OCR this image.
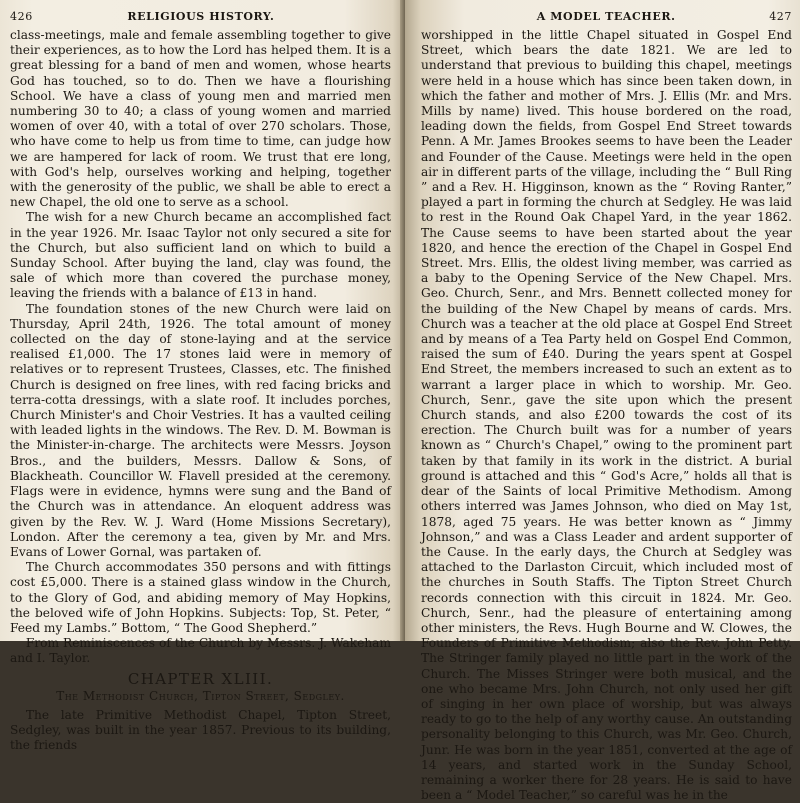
426	RELIGIOUS HISTORY.

class-meetings, male and female assembling together to give their experiences, as to how the Lord has helped them. It is a great blessing for a band of men and women, whose hearts God has touched, so to do. Then we have a flourishing School. We have a class of young men and married men numbering 30 to 40; a class of young women and married women of over 40, with a total of over 270 scholars. Those, who have come to help us from time to time, can judge how we are hampered for lack of room. We trust that ere long, with God's help, ourselves working and helping, together with the generosity of the public, we shall be able to erect a new Chapel, the old one to serve as a school.

The wish for a new Church became an accomplished fact in the year 1926. Mr. Isaac Taylor not only secured a site for the Church, but also sufficient land on which to build a Sunday School. After buying the land, clay was found, the sale of which more than covered the purchase money, leaving the friends with a balance of £13 in hand.

The foundation stones of the new Church were laid on Thursday, April 24th, 1926. The total amount of money collected on the day of stone-laying and at the service realised £1,000. The 17 stones laid were in memory of relatives or to represent Trustees, Classes, etc. The finished Church is designed on free lines, with red facing bricks and terra-cotta dressings, with a slate roof. It includes porches, Church Minister's and Choir Vestries. It has a vaulted ceiling with leaded lights in the windows. The Rev. D. M. Bowman is the Minister-in-charge. The architects were Messrs. Joyson Bros., and the builders, Messrs. Dallow & Sons, of Blackheath. Councillor W. Flavell presided at the ceremony. Flags were in evidence, hymns were sung and the Band of the Church was in attendance. An eloquent address was given by the Rev. W. J. Ward (Home Missions Secretary), London. After the ceremony a tea, given by Mr. and Mrs. Evans of Lower Gornal, was partaken of.

The Church accommodates 350 persons and with fittings cost £5,000. There is a stained glass window in the Church, to the Glory of God, and abiding memory of May Hopkins, the beloved wife of John Hopkins. Subjects: Top, St. Peter, “ Feed my Lambs.” Bottom, “ The Good Shepherd.”

From Reminiscences of the Church by Messrs. J. Wakeham and I. Taylor.

CHAPTER XLIII.
The Methodist Church, Tipton Street, Sedgley.

The late Primitive Methodist Chapel, Tipton Street, Sedgley, was built in the year 1857. Previous to its building, the friends

A MODEL TEACHER.	427

worshipped in the little Chapel situated in Gospel End Street, which bears the date 1821. We are led to understand that previous to building this chapel, meetings were held in a house which has since been taken down, in which the father and mother of Mrs. J. Ellis (Mr. and Mrs. Mills by name) lived. This house bordered on the road, leading down the fields, from Gospel End Street towards Penn. A Mr. James Brookes seems to have been the Leader and Founder of the Cause. Meetings were held in the open air in different parts of the village, including the “ Bull Ring ” and a Rev. H. Higginson, known as the “ Roving Ranter,” played a part in forming the church at Sedgley. He was laid to rest in the Round Oak Chapel Yard, in the year 1862. The Cause seems to have been started about the year 1820, and hence the erection of the Chapel in Gospel End Street. Mrs. Ellis, the oldest living member, was carried as a baby to the Opening Service of the New Chapel. Mrs. Geo. Church, Senr., and Mrs. Bennett collected money for the building of the New Chapel by means of cards. Mrs. Church was a teacher at the old place at Gospel End Street and by means of a Tea Party held on Gospel End Common, raised the sum of £40. During the years spent at Gospel End Street, the members increased to such an extent as to warrant a larger place in which to worship. Mr. Geo. Church, Senr., gave the site upon which the present Church stands, and also £200 towards the cost of its erection. The Church built was for a number of years known as “ Church's Chapel,” owing to the prominent part taken by that family in its work in the district. A burial ground is attached and this “ God's Acre,” holds all that is dear of the Saints of local Primitive Methodism. Among others interred was James Johnson, who died on May 1st, 1878, aged 75 years. He was better known as “ Jimmy Johnson,” and was a Class Leader and ardent supporter of the Cause. In the early days, the Church at Sedgley was attached to the Darlaston Circuit, which included most of the churches in South Staffs. The Tipton Street Church records connection with this circuit in 1824. Mr. Geo. Church, Senr., had the pleasure of entertaining among other ministers, the Revs. Hugh Bourne and W. Clowes, the Founders of Primitive Methodism; also the Rev. John Petty. The Stringer family played no little part in the work of the Church. The Misses Stringer were both musical, and the one who became Mrs. John Church, not only used her gift of singing in her own place of worship, but was always ready to go to the help of any worthy cause. An outstanding personality belonging to this Church, was Mr. Geo. Church, Junr. He was born in the year 1851, converted at the age of 14 years, and started work in the Sunday School, remaining a worker there for 28 years. He is said to have been a “ Model Teacher,” so careful was he in the
